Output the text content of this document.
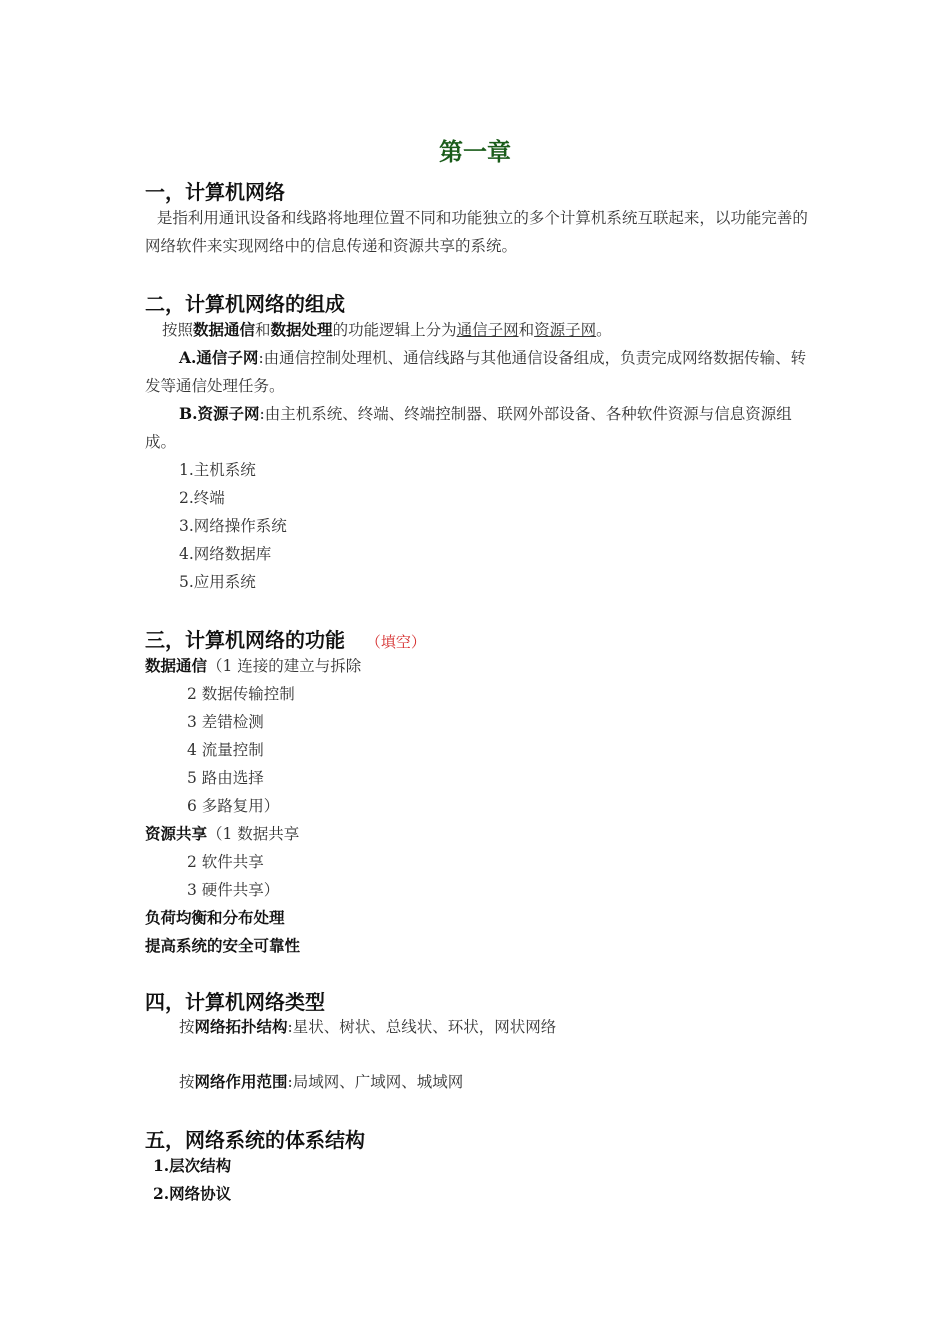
第一章
一，计算机网络
是指利用通讯设备和线路将地理位置不同和功能独立的多个计算机系统互联起来，以功能完善的网络软件来实现网络中的信息传递和资源共享的系统。
二，计算机网络的组成
按照数据通信和数据处理的功能逻辑上分为通信子网和资源子网。
A.通信子网:由通信控制处理机、通信线路与其他通信设备组成，负责完成网络数据传输、转发等通信处理任务。
B.资源子网:由主机系统、终端、终端控制器、联网外部设备、各种软件资源与信息资源组成。
1.主机系统
2.终端
3.网络操作系统
4.网络数据库
5.应用系统
三，计算机网络的功能 （填空）
数据通信（1 连接的建立与拆除
2 数据传输控制
3 差错检测
4 流量控制
5 路由选择
6 多路复用）
资源共享（1 数据共享
2 软件共享
3 硬件共享）
负荷均衡和分布处理
提高系统的安全可靠性
四，计算机网络类型
按网络拓扑结构:星状、树状、总线状、环状，网状网络
按网络作用范围:局域网、广域网、城域网
五，网络系统的体系结构
1.层次结构
2.网络协议
